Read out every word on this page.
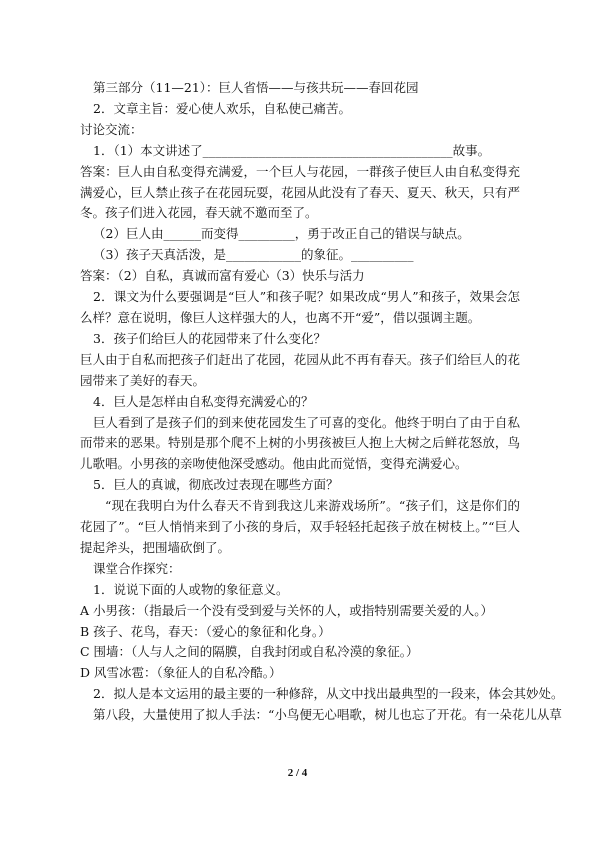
第三部分（11—21）：巨人省悟——与孩共玩——春回花园

2．文章主旨：爱心使人欢乐，自私使己痛苦。

讨论交流：

1．（1）本文讲述了________________________________________故事。

答案：巨人由自私变得充满爱，一个巨人与花园，一群孩子使巨人由自私变得充满爱心，巨人禁止孩子在花园玩耍，花园从此没有了春天、夏天、秋天，只有严冬。孩子们进入花园，春天就不邀而至了。

（2）巨人由______而变得_________，勇于改正自己的错误与缺点。

（3）孩子天真活泼，是____________的象征。__________

答案：（2）自私，真诚而富有爱心（3）快乐与活力

2．课文为什么要强调是“巨人”和孩子呢？如果改成“男人”和孩子，效果会怎么样？意在说明，像巨人这样强大的人，也离不开“爱”，借以强调主题。

3．孩子们给巨人的花园带来了什么变化？

巨人由于自私而把孩子们赶出了花园，花园从此不再有春天。孩子们给巨人的花园带来了美好的春天。

4．巨人是怎样由自私变得充满爱心的？

巨人看到了是孩子们的到来使花园发生了可喜的变化。他终于明白了由于自私而带来的恶果。特别是那个爬不上树的小男孩被巨人抱上大树之后鲜花怒放，鸟儿歌唱。小男孩的亲吻使他深受感动。他由此而觉悟，变得充满爱心。

5．巨人的真诚，彻底改过表现在哪些方面？

“现在我明白为什么春天不肯到我这儿来游戏场所”。“孩子们，这是你们的花园了”。“巨人悄悄来到了小孩的身后，双手轻轻托起孩子放在树枝上。”“巨人提起斧头，把围墙砍倒了。

课堂合作探究：

1．说说下面的人或物的象征意义。

A 小男孩：（指最后一个没有受到爱与关怀的人，或指特别需要关爱的人。）

B 孩子、花鸟，春天：（爱心的象征和化身。）

C 围墙：（人与人之间的隔膜，自我封闭或自私冷漠的象征。）

D 风雪冰雹：（象征人的自私冷酷。）

2．拟人是本文运用的最主要的一种修辞，从文中找出最典型的一段来，体会其妙处。

第八段，大量使用了拟人手法：“小鸟便无心唱歌，树儿也忘了开花。有一朵花儿从草

2 / 4
